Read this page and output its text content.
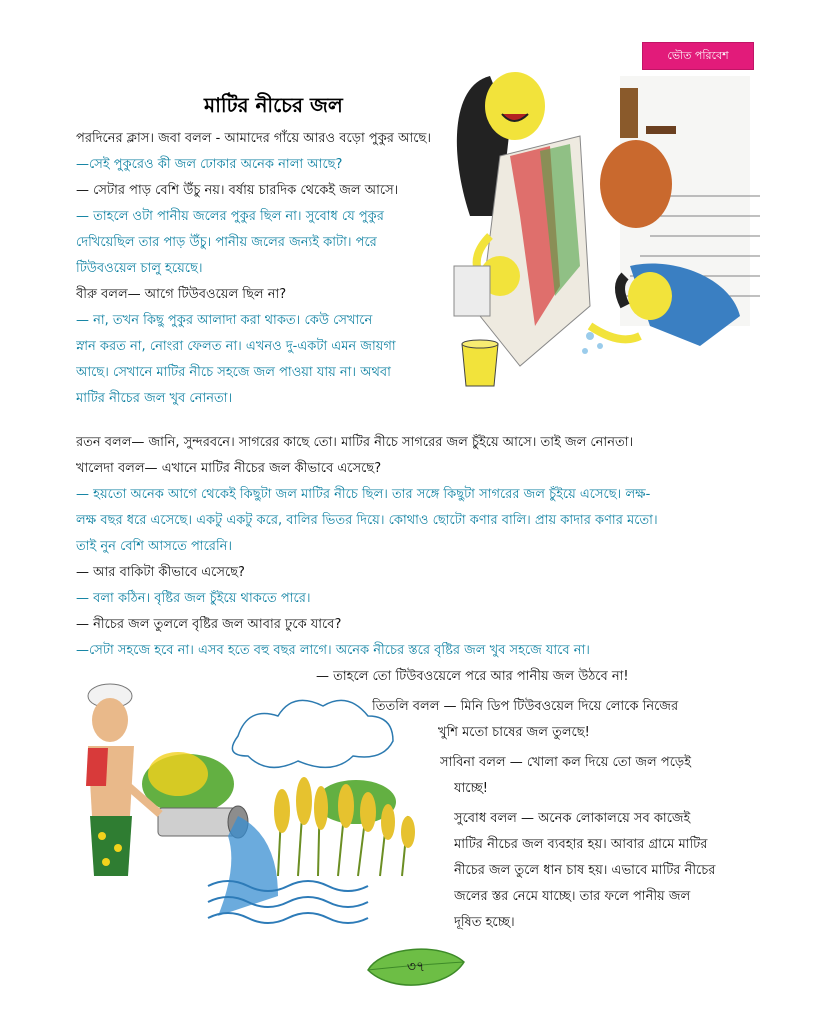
ভৌত পরিবেশ
মাটির নীচের জল

পরদিনের ক্লাস। জবা বলল - আমাদের গাঁয়ে আরও বড়ো পুকুর আছে।

—সেই পুকুরেও কী জল ঢোকার অনেক নালা আছে?

— সেটার পাড় বেশি উঁচু নয়। বর্ষায় চারদিক থেকেই জল আসে।

— তাহলে ওটা পানীয় জলের পুকুর ছিল না। সুবোধ যে পুকুর

দেখিয়েছিল তার পাড় উঁচু। পানীয় জলের জন্যই কাটা। পরে

টিউবওয়েল চালু হয়েছে।

বীরু বলল— আগে টিউবওয়েল ছিল না?

— না, তখন কিছু পুকুর আলাদা করা থাকত। কেউ সেখানে

স্নান করত না, নোংরা ফেলত না। এখনও দু-একটা এমন জায়গা

আছে। সেখানে মাটির নীচে সহজে জল পাওয়া যায় না। অথবা

মাটির নীচের জল খুব নোনতা।

রতন বলল— জানি, সুন্দরবনে। সাগরের কাছে তো। মাটির নীচে সাগরের জল চুঁইয়ে আসে। তাই জল নোনতা।

খালেদা বলল— এখানে মাটির নীচের জল কীভাবে এসেছে?

— হয়তো অনেক আগে থেকেই কিছুটা জল মাটির নীচে ছিল। তার সঙ্গে কিছুটা সাগরের জল চুঁইয়ে এসেছে। লক্ষ-

লক্ষ বছর ধরে এসেছে। একটু একটু করে, বালির ভিতর দিয়ে। কোথাও ছোটো কণার বালি। প্রায় কাদার কণার মতো।

তাই নুন বেশি আসতে পারেনি।

— আর বাকিটা কীভাবে এসেছে?

— বলা কঠিন। বৃষ্টির জল চুঁইয়ে থাকতে পারে।

— নীচের জল তুললে বৃষ্টির জল আবার ঢুকে যাবে?

—সেটা সহজে হবে না। এসব হতে বহু বছর লাগে। অনেক নীচের স্তরে বৃষ্টির জল খুব সহজে যাবে না।

— তাহলে তো টিউবওয়েলে পরে আর পানীয় জল উঠবে না!

তিতলি বলল — মিনি ডিপ টিউবওয়েল দিয়ে লোকে নিজের

খুশি মতো চাষের জল তুলছে!

সাবিনা বলল — খোলা কল দিয়ে তো জল পড়েই

যাচ্ছে!

সুবোধ বলল — অনেক লোকালয়ে সব কাজেই

মাটির নীচের জল ব্যবহার হয়। আবার গ্রামে মাটির

নীচের জল তুলে ধান চাষ হয়। এভাবে মাটির নীচের

জলের স্তর নেমে যাচ্ছে। তার ফলে পানীয় জল

দূষিত হচ্ছে।

৩৭
